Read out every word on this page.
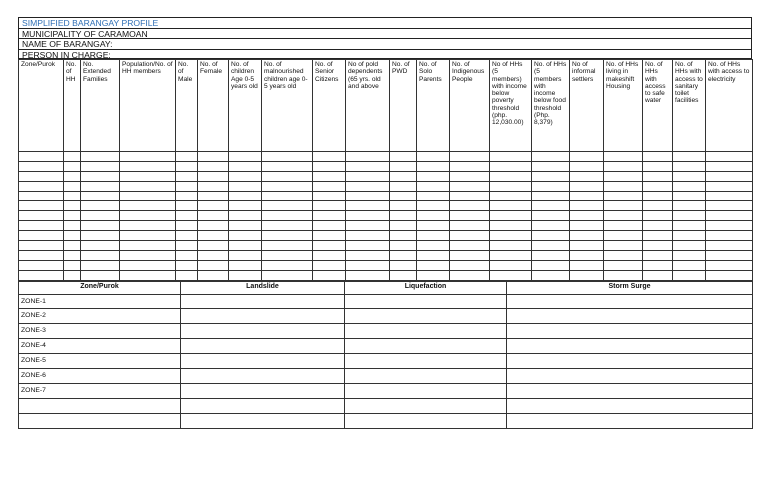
SIMPLIFIED BARANGAY PROFILE
MUNICIPALITY OF CARAMOAN
NAME OF BARANGAY:
PERSON IN CHARGE:
Zone/Purok	No. of HH	No. Extended Families	Population/No. of HH members	No. of Male	No. of Female	No. of children Age 0-5 years old	No. of malnourished children age 0-5 years old	No. of Senior Citizens	No of pold dependents (65 yrs. old and above	No. of PWD	No. of Solo Parents	No. of Indigenous People	No of HHs (5 members) with income below poverty threshold (php. 12,030.00)	No. of HHs (5 members with income below food threshold (Php. 8,379)	No of informal settlers	No. of HHs living in makeshift Housing	No. of HHs with access to safe water	No. of HHs with access to sanitary toilet facilities	No. of HHs with access to electricity

Zone/Purok	Landslide	Liquefaction	Storm Surge
ZONE-1			
ZONE-2			
ZONE-3			
ZONE-4			
ZONE-5			
ZONE-6			
ZONE-7			
